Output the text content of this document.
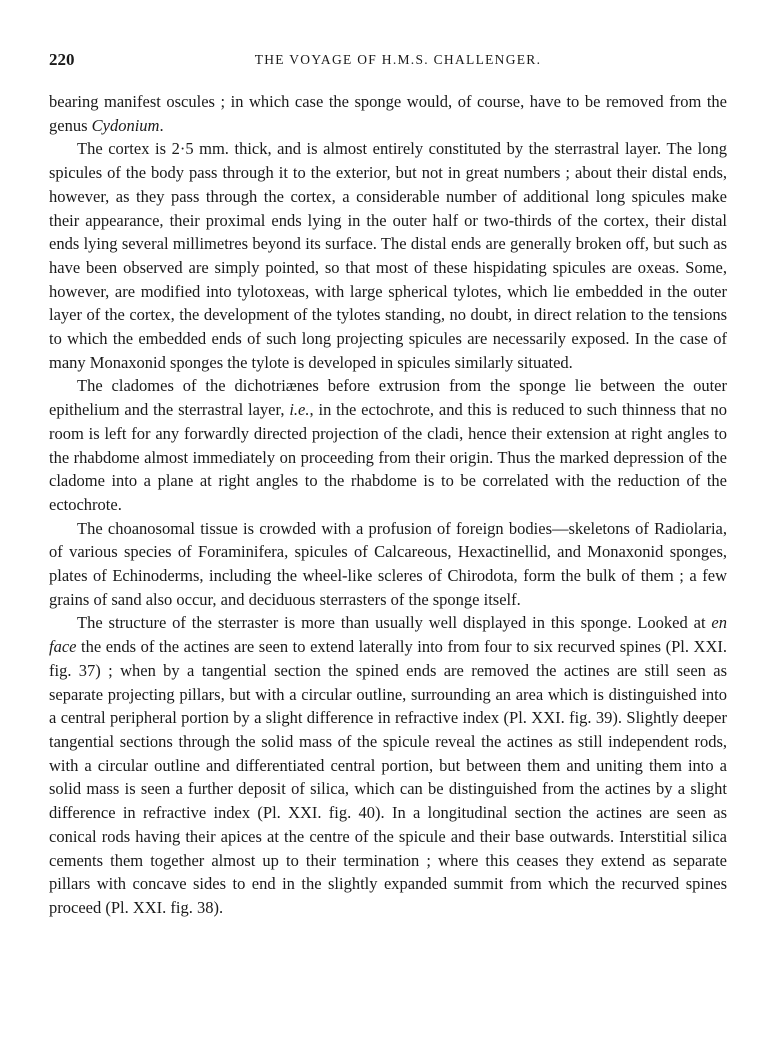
220	THE VOYAGE OF H.M.S. CHALLENGER.

bearing manifest oscules ; in which case the sponge would, of course, have to be removed from the genus Cydonium.

The cortex is 2·5 mm. thick, and is almost entirely constituted by the sterrastral layer. The long spicules of the body pass through it to the exterior, but not in great numbers ; about their distal ends, however, as they pass through the cortex, a considerable number of additional long spicules make their appearance, their proximal ends lying in the outer half or two-thirds of the cortex, their distal ends lying several millimetres beyond its surface. The distal ends are generally broken off, but such as have been observed are simply pointed, so that most of these hispidating spicules are oxeas. Some, however, are modified into tylotoxeas, with large spherical tylotes, which lie embedded in the outer layer of the cortex, the development of the tylotes standing, no doubt, in direct relation to the tensions to which the embedded ends of such long projecting spicules are necessarily exposed. In the case of many Monaxonid sponges the tylote is developed in spicules similarly situated.

The cladomes of the dichotriænes before extrusion from the sponge lie between the outer epithelium and the sterrastral layer, i.e., in the ectochrote, and this is reduced to such thinness that no room is left for any forwardly directed projection of the cladi, hence their extension at right angles to the rhabdome almost immediately on proceeding from their origin. Thus the marked depression of the cladome into a plane at right angles to the rhabdome is to be correlated with the reduction of the ectochrote.

The choanosomal tissue is crowded with a profusion of foreign bodies—skeletons of Radiolaria, of various species of Foraminifera, spicules of Calcareous, Hexactinellid, and Monaxonid sponges, plates of Echinoderms, including the wheel-like scleres of Chirodota, form the bulk of them ; a few grains of sand also occur, and deciduous sterrasters of the sponge itself.

The structure of the sterraster is more than usually well displayed in this sponge. Looked at en face the ends of the actines are seen to extend laterally into from four to six recurved spines (Pl. XXI. fig. 37) ; when by a tangential section the spined ends are removed the actines are still seen as separate projecting pillars, but with a circular outline, surrounding an area which is distinguished into a central peripheral portion by a slight difference in refractive index (Pl. XXI. fig. 39). Slightly deeper tangential sections through the solid mass of the spicule reveal the actines as still independent rods, with a circular outline and differentiated central portion, but between them and uniting them into a solid mass is seen a further deposit of silica, which can be distinguished from the actines by a slight difference in refractive index (Pl. XXI. fig. 40). In a longitudinal section the actines are seen as conical rods having their apices at the centre of the spicule and their base outwards. Interstitial silica cements them together almost up to their termination ; where this ceases they extend as separate pillars with concave sides to end in the slightly expanded summit from which the recurved spines proceed (Pl. XXI. fig. 38).
